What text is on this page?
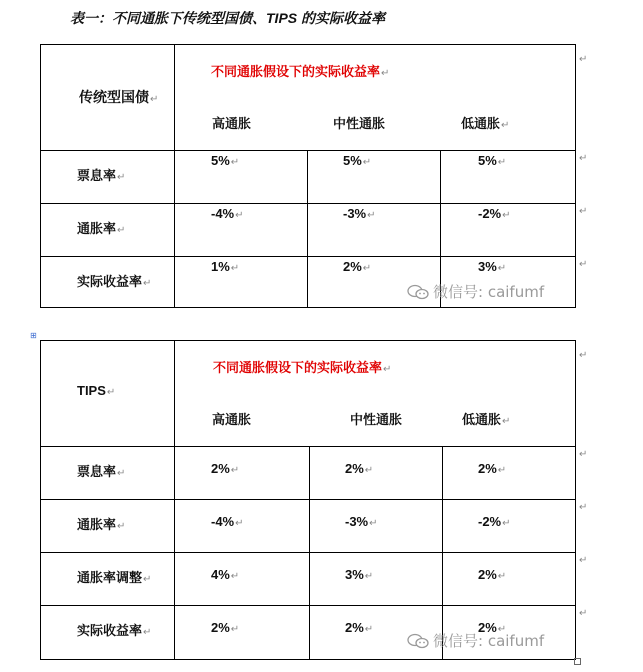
表一：不同通胀下传统型国债、TIPS 的实际收益率
传统型国债↵
不同通胀假设下的实际收益率↵
高通胀	中性通胀	低通胀↵
票息率↵
5%↵	5%↵	5%↵
通胀率↵
-4%↵	-3%↵	-2%↵
实际收益率↵
1%↵	2%↵	3%↵
↵
↵
↵
↵
微信号: caifumf
⊞
TIPS↵
不同通胀假设下的实际收益率↵
高通胀	中性通胀	低通胀↵
票息率↵	2%↵	2%↵	2%↵
通胀率↵	-4%↵	-3%↵	-2%↵
通胀率调整↵	4%↵	3%↵	2%↵
实际收益率↵	2%↵	2%↵	2%↵
↵
↵
↵
↵
↵
微信号: caifumf
